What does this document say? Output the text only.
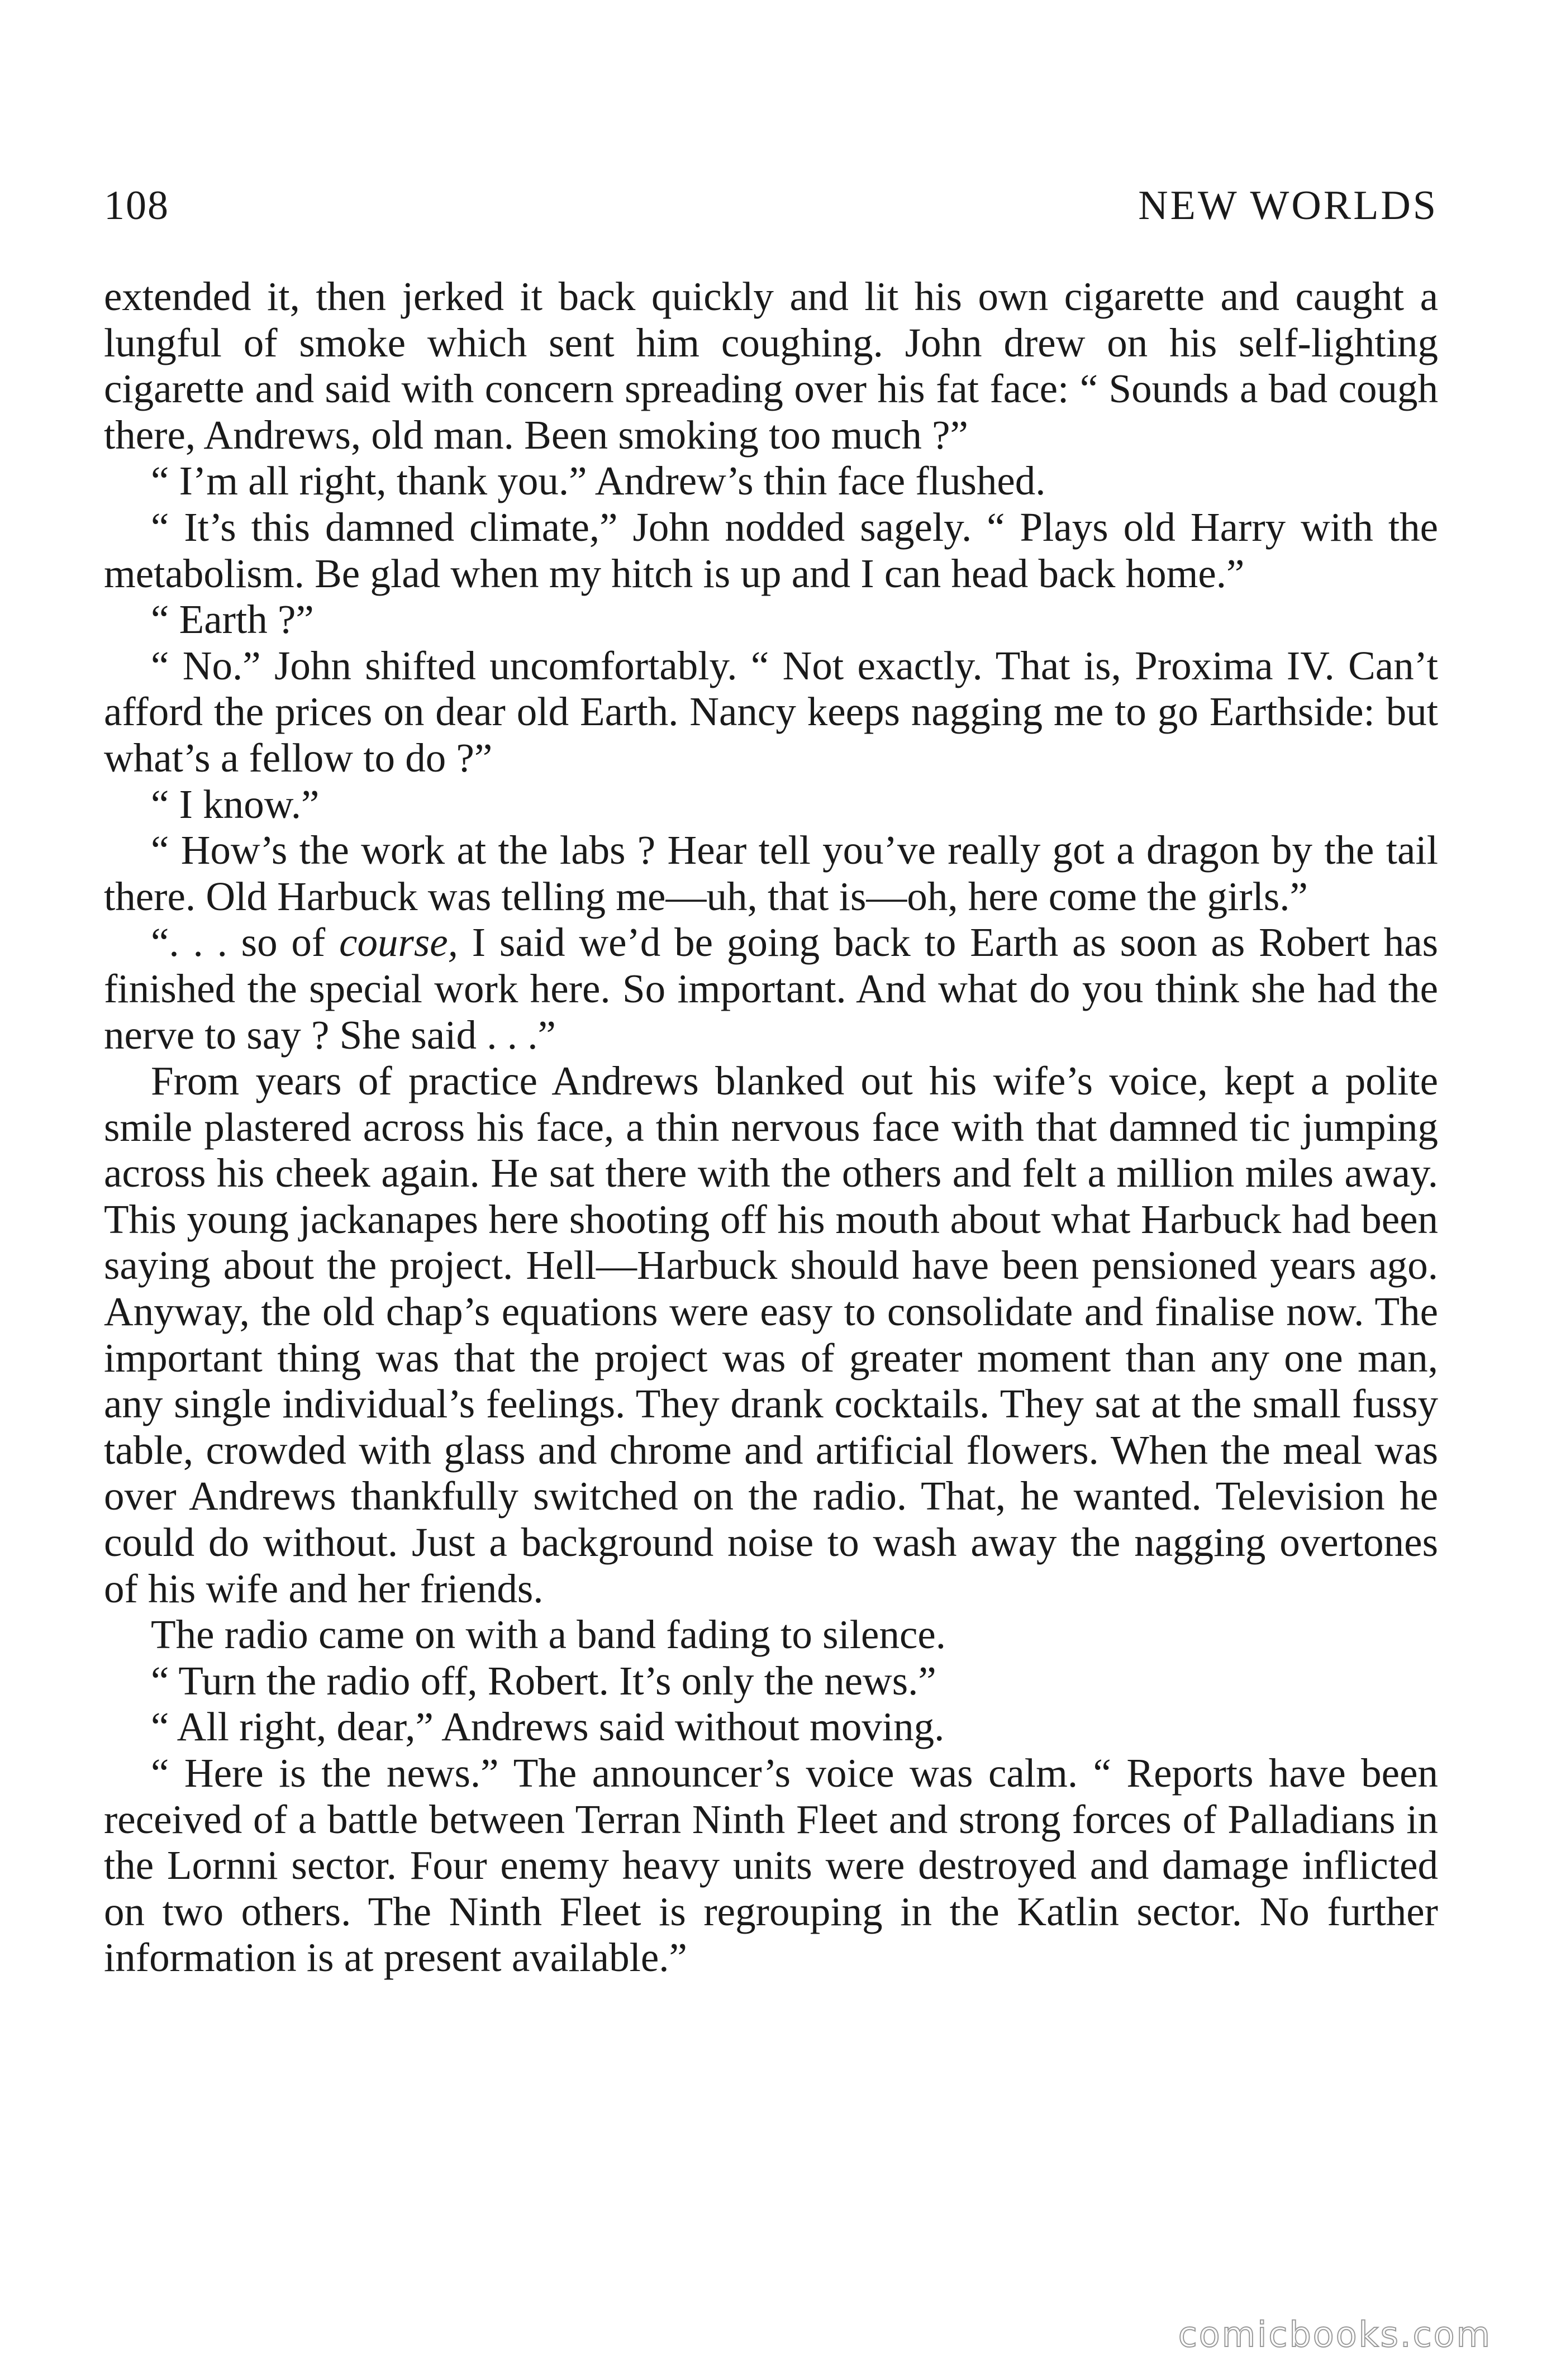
108	NEW WORLDS

extended it, then jerked it back quickly and lit his own cigarette and caught a lungful of smoke which sent him coughing. John drew on his self-lighting cigarette and said with concern spreading over his fat face: “ Sounds a bad cough there, Andrews, old man. Been smoking too much ?”

“ I’m all right, thank you.” Andrew’s thin face flushed.

“ It’s this damned climate,” John nodded sagely. “ Plays old Harry with the metabolism. Be glad when my hitch is up and I can head back home.”

“ Earth ?”

“ No.” John shifted uncomfortably. “ Not exactly. That is, Proxima IV. Can’t afford the prices on dear old Earth. Nancy keeps nagging me to go Earthside: but what’s a fellow to do ?”

“ I know.”

“ How’s the work at the labs ? Hear tell you’ve really got a dragon by the tail there. Old Harbuck was telling me—uh, that is—oh, here come the girls.”

“. . . so of course, I said we’d be going back to Earth as soon as Robert has finished the special work here. So important. And what do you think she had the nerve to say ? She said . . .”

From years of practice Andrews blanked out his wife’s voice, kept a polite smile plastered across his face, a thin nervous face with that damned tic jumping across his cheek again. He sat there with the others and felt a million miles away. This young jackanapes here shooting off his mouth about what Harbuck had been saying about the project. Hell—Harbuck should have been pensioned years ago. Anyway, the old chap’s equations were easy to consolidate and finalise now. The important thing was that the project was of greater moment than any one man, any single individual’s feelings. They drank cocktails. They sat at the small fussy table, crowded with glass and chrome and artificial flowers. When the meal was over Andrews thankfully switched on the radio. That, he wanted. Television he could do without. Just a background noise to wash away the nagging overtones of his wife and her friends.

The radio came on with a band fading to silence.

“ Turn the radio off, Robert. It’s only the news.”

“ All right, dear,” Andrews said without moving.

“ Here is the news.” The announcer’s voice was calm. “ Reports have been received of a battle between Terran Ninth Fleet and strong forces of Palladians in the Lornni sector. Four enemy heavy units were destroyed and damage inflicted on two others. The Ninth Fleet is regrouping in the Katlin sector. No further information is at present available.”

comicbooks.com
